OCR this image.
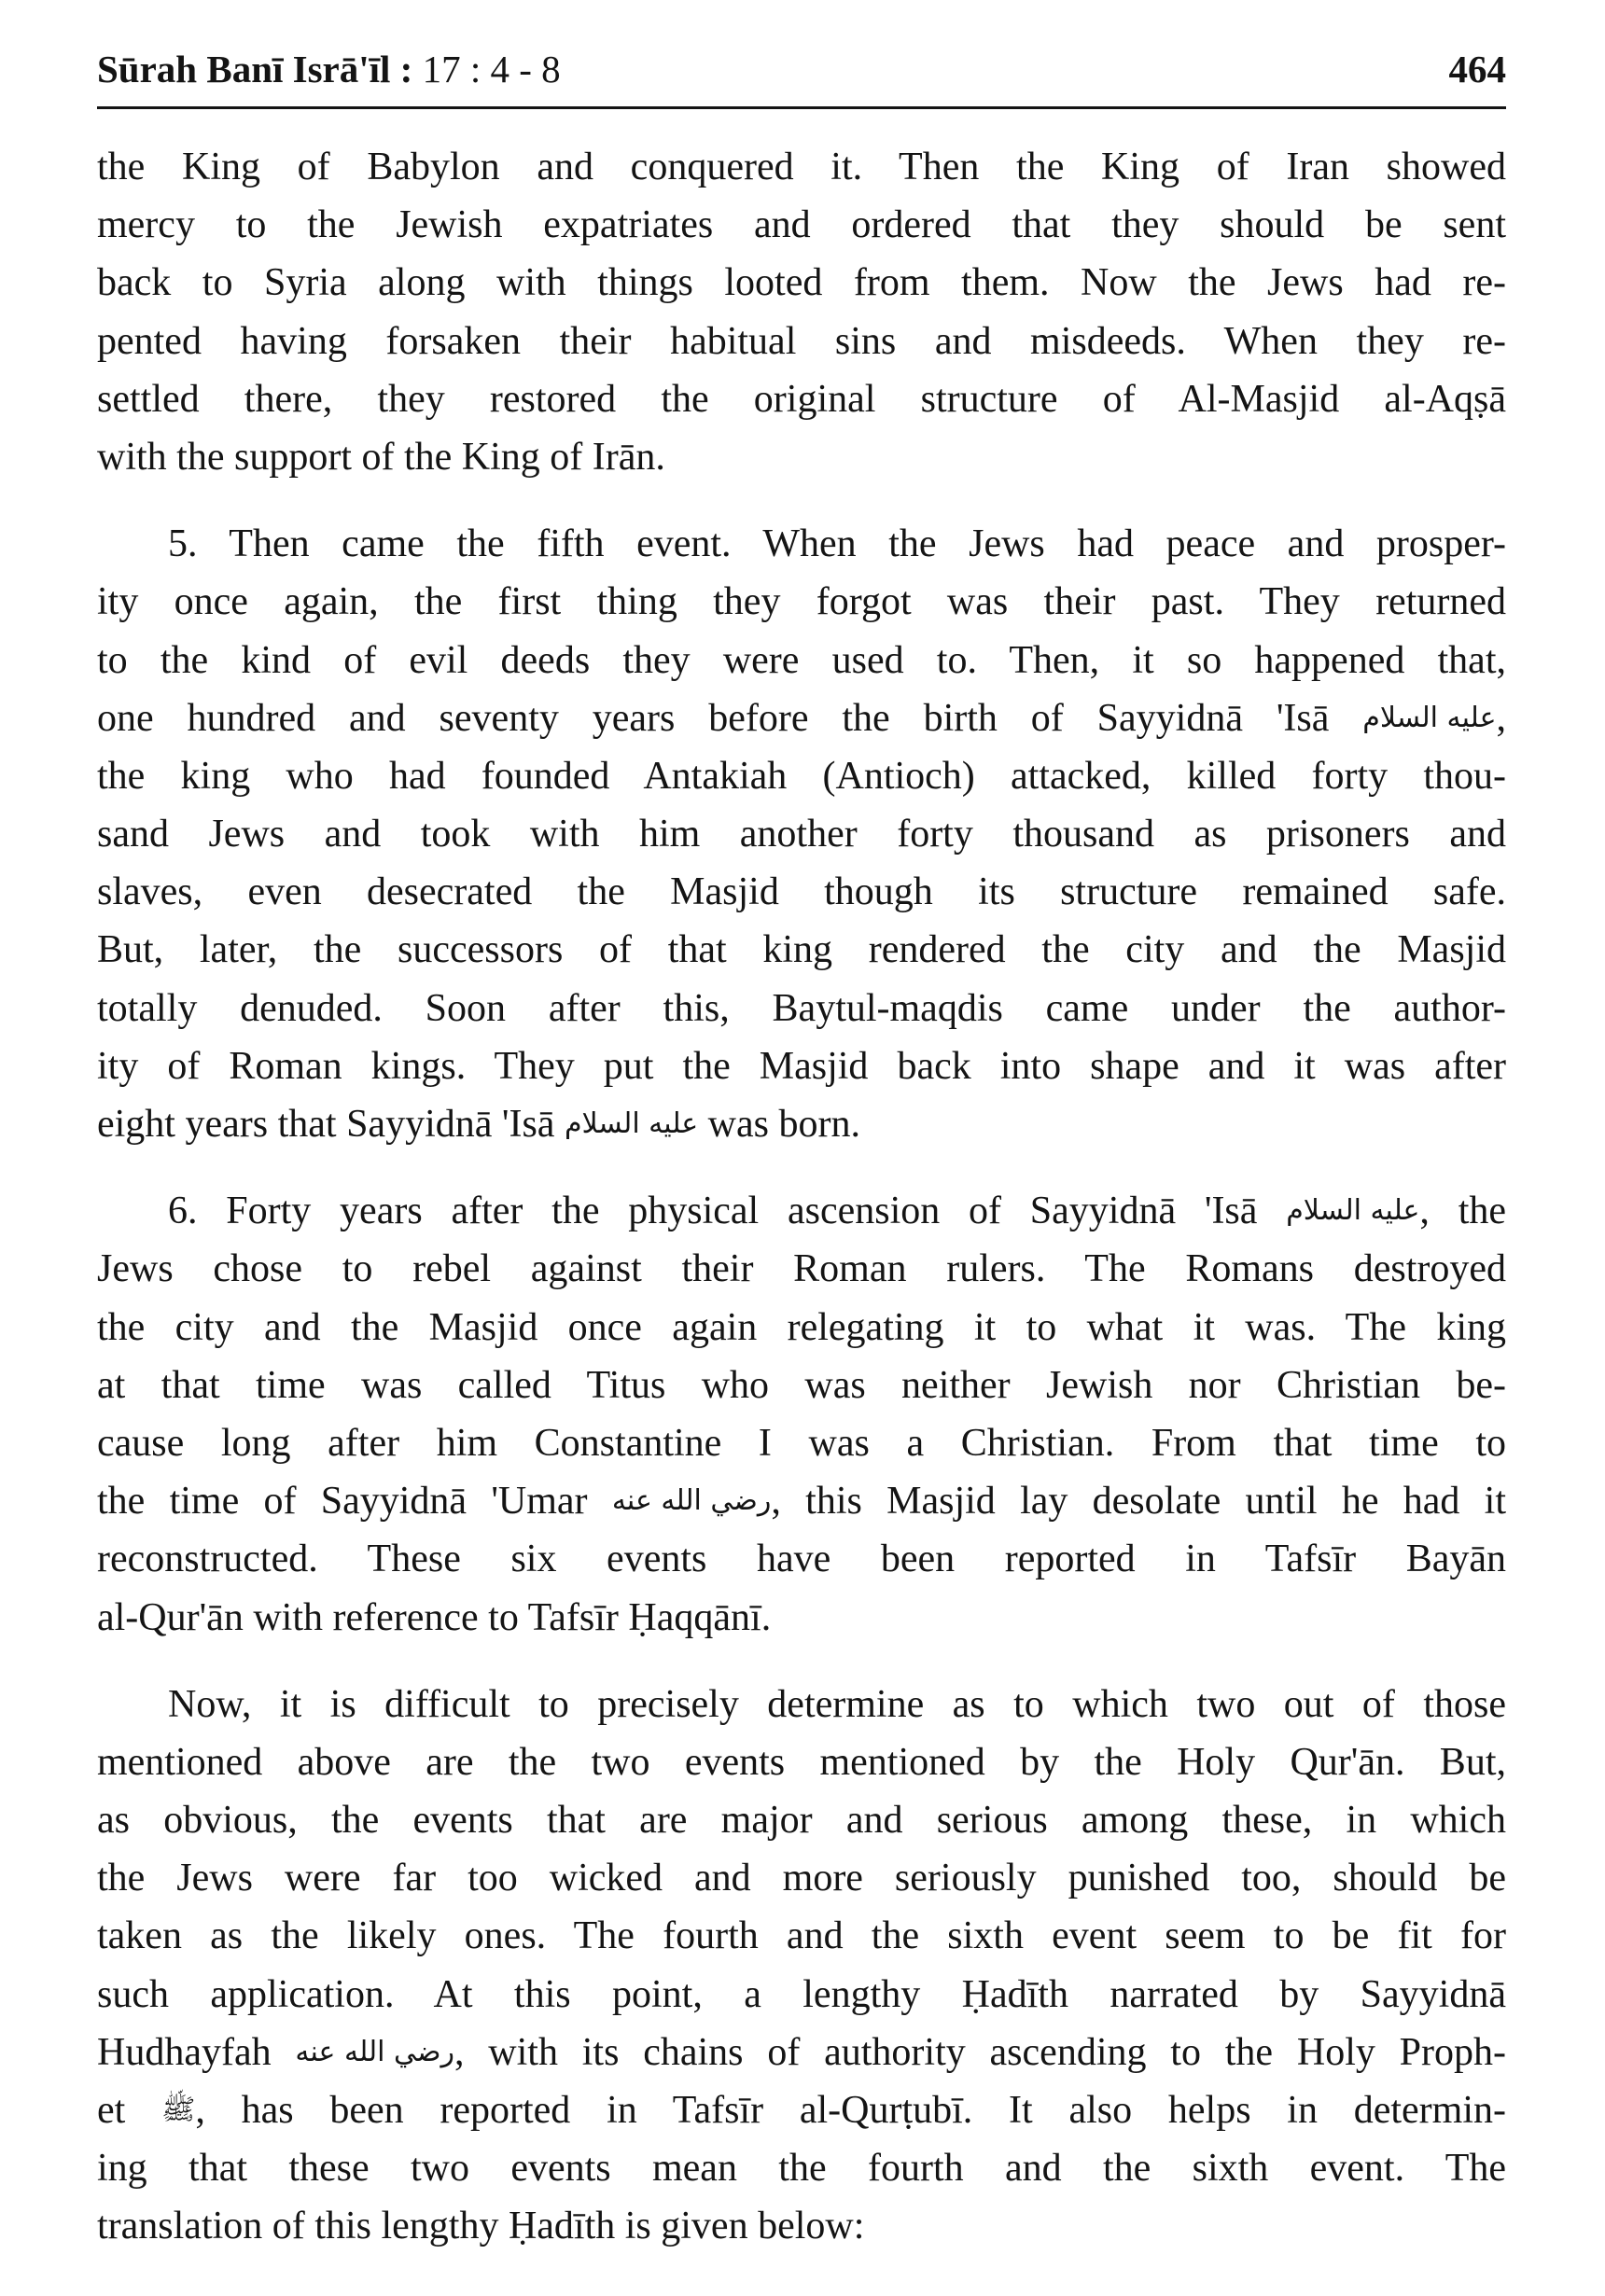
Sūrah Banī Isrā'īl : 17 : 4 - 8	464
the King of Babylon and conquered it. Then the King of Iran showed
mercy to the Jewish expatriates and ordered that they should be sent
back to Syria along with things looted from them. Now the Jews had re-
pented having forsaken their habitual sins and misdeeds. When they re-
settled there, they restored the original structure of Al-Masjid al-Aqṣā
with the support of the King of Irān.
5. Then came the fifth event. When the Jews had peace and prosper-
ity once again, the first thing they forgot was their past. They returned
to the kind of evil deeds they were used to. Then, it so happened that,
one hundred and seventy years before the birth of Sayyidnā 'Isā عليه السلام,
the king who had founded Antakiah (Antioch) attacked, killed forty thou-
sand Jews and took with him another forty thousand as prisoners and
slaves, even desecrated the Masjid though its structure remained safe.
But, later, the successors of that king rendered the city and the Masjid
totally denuded. Soon after this, Baytul-maqdis came under the author-
ity of Roman kings. They put the Masjid back into shape and it was after
eight years that Sayyidnā 'Isā عليه السلام was born.
6. Forty years after the physical ascension of Sayyidnā 'Isā عليه السلام, the
Jews chose to rebel against their Roman rulers. The Romans destroyed
the city and the Masjid once again relegating it to what it was. The king
at that time was called Titus who was neither Jewish nor Christian be-
cause long after him Constantine I was a Christian. From that time to
the time of Sayyidnā 'Umar رضي الله عنه, this Masjid lay desolate until he had it
reconstructed. These six events have been reported in Tafsīr Bayān
al-Qur'ān with reference to Tafsīr Ḥaqqānī.
Now, it is difficult to precisely determine as to which two out of those
mentioned above are the two events mentioned by the Holy Qur'ān. But,
as obvious, the events that are major and serious among these, in which
the Jews were far too wicked and more seriously punished too, should be
taken as the likely ones. The fourth and the sixth event seem to be fit for
such application. At this point, a lengthy Ḥadīth narrated by Sayyidnā
Hudhayfah رضي الله عنه, with its chains of authority ascending to the Holy Proph-
et ﷺ, has been reported in Tafsīr al-Qurṭubī. It also helps in determin-
ing that these two events mean the fourth and the sixth event. The
translation of this lengthy Ḥadīth is given below:
